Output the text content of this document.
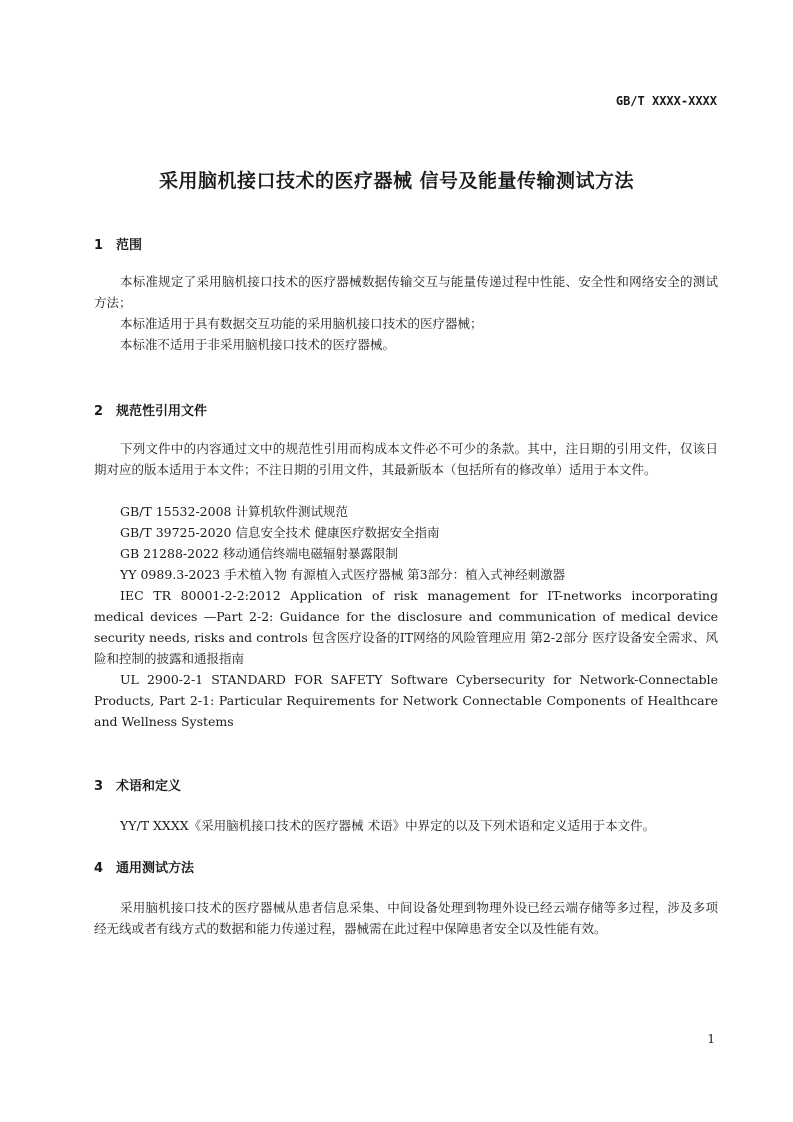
GB/T XXXX-XXXX
采用脑机接口技术的医疗器械 信号及能量传输测试方法
1 范围

本标准规定了采用脑机接口技术的医疗器械数据传输交互与能量传递过程中性能、安全性和网络安全的测试方法；

本标准适用于具有数据交互功能的采用脑机接口技术的医疗器械；

本标准不适用于非采用脑机接口技术的医疗器械。

2 规范性引用文件

下列文件中的内容通过文中的规范性引用而构成本文件必不可少的条款。其中，注日期的引用文件，仅该日期对应的版本适用于本文件；不注日期的引用文件，其最新版本（包括所有的修改单）适用于本文件。

GB/T 15532-2008 计算机软件测试规范
GB/T 39725-2020 信息安全技术 健康医疗数据安全指南
GB 21288-2022 移动通信终端电磁辐射暴露限制
YY 0989.3-2023 手术植入物 有源植入式医疗器械 第3部分：植入式神经刺激器

IEC TR 80001-2-2:2012 Application of risk management for IT-networks incorporating medical devices —Part 2-2: Guidance for the disclosure and communication of medical device security needs, risks and controls 包含医疗设备的IT网络的风险管理应用 第2-2部分 医疗设备安全需求、风险和控制的披露和通报指南

UL 2900-2-1 STANDARD FOR SAFETY Software Cybersecurity for Network-Connectable Products, Part 2-1: Particular Requirements for Network Connectable Components of Healthcare and Wellness Systems

3 术语和定义

YY/T XXXX《采用脑机接口技术的医疗器械 术语》中界定的以及下列术语和定义适用于本文件。

4 通用测试方法

采用脑机接口技术的医疗器械从患者信息采集、中间设备处理到物理外设已经云端存储等多过程，涉及多项经无线或者有线方式的数据和能力传递过程，器械需在此过程中保障患者安全以及性能有效。

1
